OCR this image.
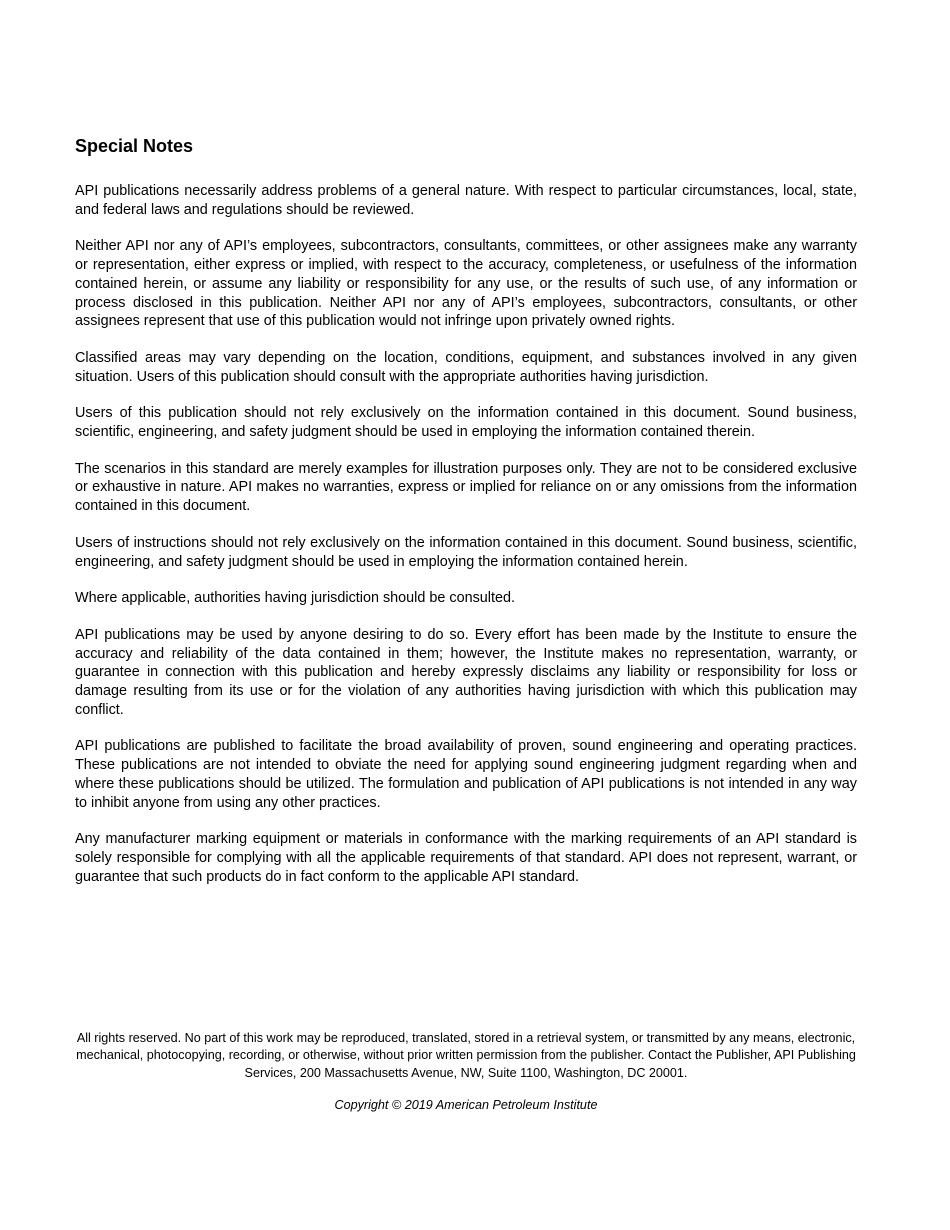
Special Notes

API publications necessarily address problems of a general nature. With respect to particular circumstances, local, state, and federal laws and regulations should be reviewed.

Neither API nor any of API’s employees, subcontractors, consultants, committees, or other assignees make any warranty or representation, either express or implied, with respect to the accuracy, completeness, or usefulness of the information contained herein, or assume any liability or responsibility for any use, or the results of such use, of any information or process disclosed in this publication. Neither API nor any of API’s employees, subcontractors, consultants, or other assignees represent that use of this publication would not infringe upon privately owned rights.

Classified areas may vary depending on the location, conditions, equipment, and substances involved in any given situation. Users of this publication should consult with the appropriate authorities having jurisdiction.

Users of this publication should not rely exclusively on the information contained in this document. Sound business, scientific, engineering, and safety judgment should be used in employing the information contained therein.

The scenarios in this standard are merely examples for illustration purposes only. They are not to be considered exclusive or exhaustive in nature. API makes no warranties, express or implied for reliance on or any omissions from the information contained in this document.

Users of instructions should not rely exclusively on the information contained in this document. Sound business, scientific, engineering, and safety judgment should be used in employing the information contained herein.

Where applicable, authorities having jurisdiction should be consulted.

API publications may be used by anyone desiring to do so. Every effort has been made by the Institute to ensure the accuracy and reliability of the data contained in them; however, the Institute makes no representation, warranty, or guarantee in connection with this publication and hereby expressly disclaims any liability or responsibility for loss or damage resulting from its use or for the violation of any authorities having jurisdiction with which this publication may conflict.

API publications are published to facilitate the broad availability of proven, sound engineering and operating practices. These publications are not intended to obviate the need for applying sound engineering judgment regarding when and where these publications should be utilized. The formulation and publication of API publications is not intended in any way to inhibit anyone from using any other practices.

Any manufacturer marking equipment or materials in conformance with the marking requirements of an API standard is solely responsible for complying with all the applicable requirements of that standard. API does not represent, warrant, or guarantee that such products do in fact conform to the applicable API standard.

All rights reserved. No part of this work may be reproduced, translated, stored in a retrieval system, or transmitted by any means, electronic, mechanical, photocopying, recording, or otherwise, without prior written permission from the publisher. Contact the Publisher, API Publishing Services, 200 Massachusetts Avenue, NW, Suite 1100, Washington, DC 20001.

Copyright © 2019 American Petroleum Institute
